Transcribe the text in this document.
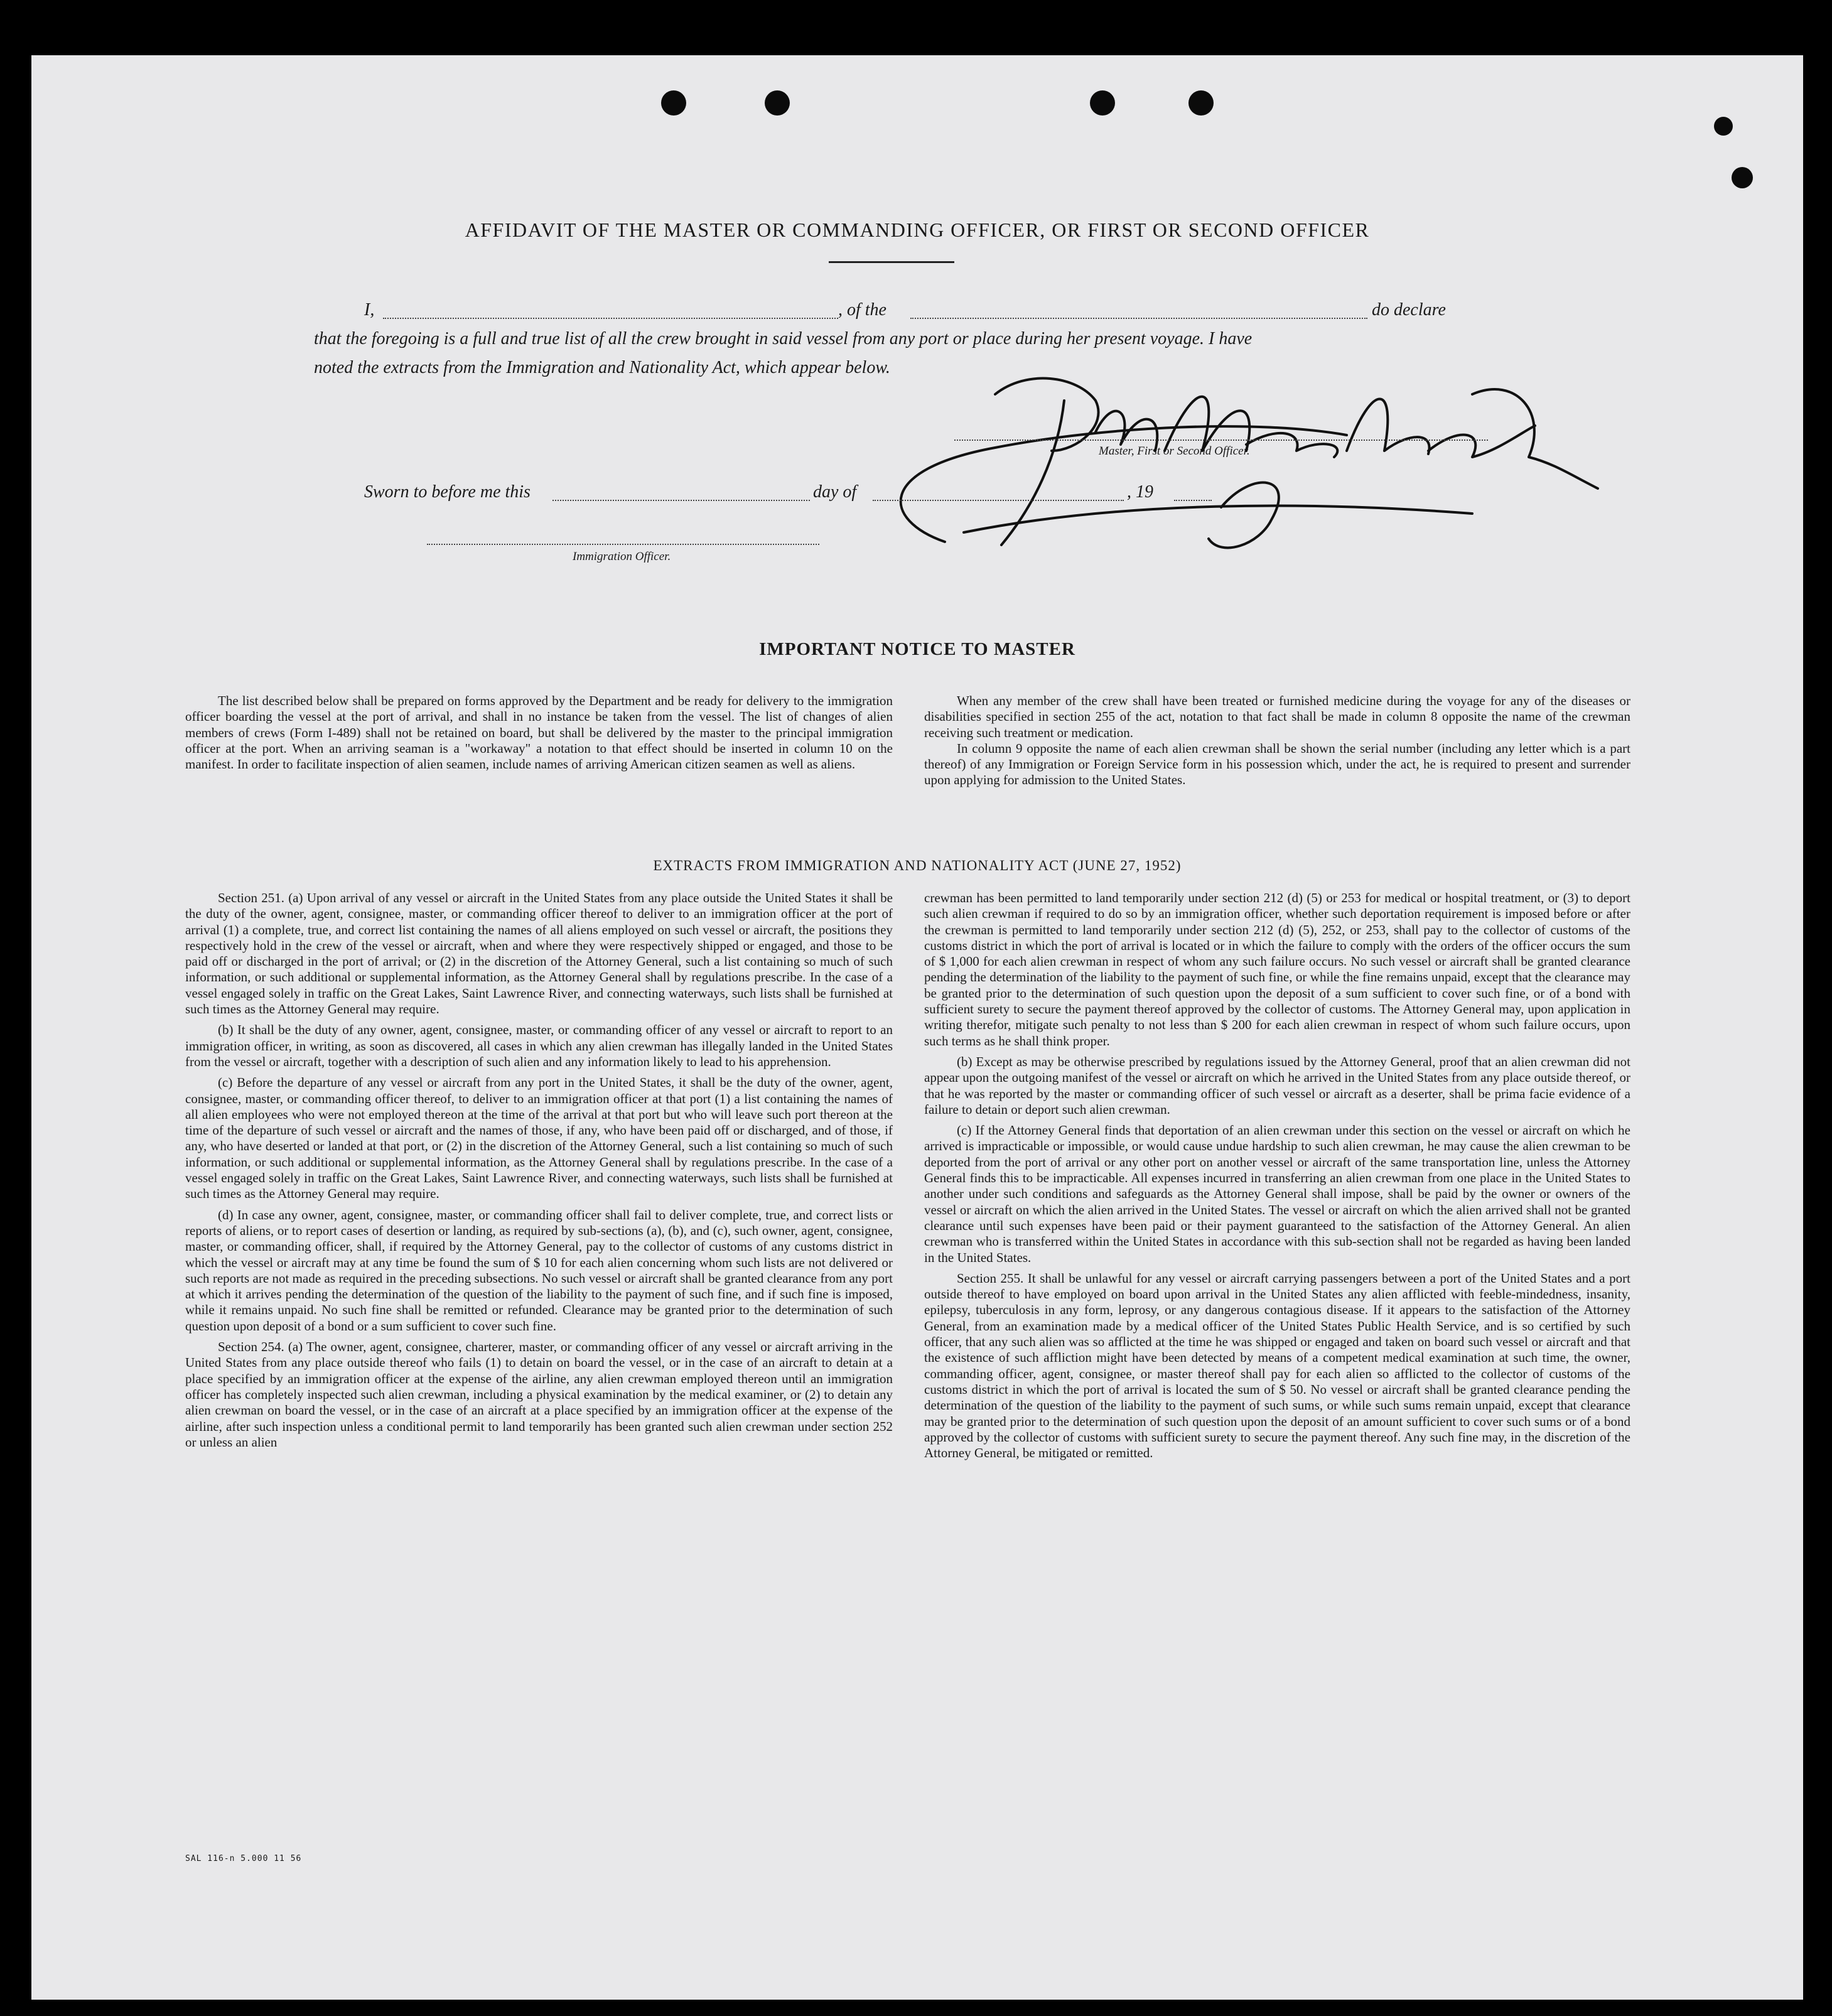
AFFIDAVIT OF THE MASTER OR COMMANDING OFFICER, OR FIRST OR SECOND OFFICER
I,	, of the	do declare
that the foregoing is a full and true list of all the crew brought in said vessel from any port or place during her present voyage. I have
noted the extracts from the Immigration and Nationality Act, which appear below.
Master, First or Second Officer.
Sworn to before me this	day of	, 19
Immigration Officer.
IMPORTANT NOTICE TO MASTER

The list described below shall be prepared on forms approved by the Department and be ready for delivery to the immigration officer boarding the vessel at the port of arrival, and shall in no instance be taken from the vessel. The list of changes of alien members of crews (Form I-489) shall not be retained on board, but shall be delivered by the master to the principal immigration officer at the port. When an arriving seaman is a "workaway" a notation to that effect should be inserted in column 10 on the manifest. In order to facilitate inspection of alien seamen, include names of arriving American citizen seamen as well as aliens.

When any member of the crew shall have been treated or furnished medicine during the voyage for any of the diseases or disabilities specified in section 255 of the act, notation to that fact shall be made in column 8 opposite the name of the crewman receiving such treatment or medication.

In column 9 opposite the name of each alien crewman shall be shown the serial number (including any letter which is a part thereof) of any Immigration or Foreign Service form in his possession which, under the act, he is required to present and surrender upon applying for admission to the United States.

EXTRACTS FROM IMMIGRATION AND NATIONALITY ACT (JUNE 27, 1952)

Section 251. (a) Upon arrival of any vessel or aircraft in the United States from any place outside the United States it shall be the duty of the owner, agent, consignee, master, or commanding officer thereof to deliver to an immigration officer at the port of arrival (1) a complete, true, and correct list containing the names of all aliens employed on such vessel or aircraft, the positions they respectively hold in the crew of the vessel or aircraft, when and where they were respectively shipped or engaged, and those to be paid off or discharged in the port of arrival; or (2) in the discretion of the Attorney General, such a list containing so much of such information, or such additional or supplemental information, as the Attorney General shall by regulations prescribe. In the case of a vessel engaged solely in traffic on the Great Lakes, Saint Lawrence River, and connecting waterways, such lists shall be furnished at such times as the Attorney General may require.

(b) It shall be the duty of any owner, agent, consignee, master, or commanding officer of any vessel or aircraft to report to an immigration officer, in writing, as soon as discovered, all cases in which any alien crewman has illegally landed in the United States from the vessel or aircraft, together with a description of such alien and any information likely to lead to his apprehension.

(c) Before the departure of any vessel or aircraft from any port in the United States, it shall be the duty of the owner, agent, consignee, master, or commanding officer thereof, to deliver to an immigration officer at that port (1) a list containing the names of all alien employees who were not employed thereon at the time of the arrival at that port but who will leave such port thereon at the time of the departure of such vessel or aircraft and the names of those, if any, who have been paid off or discharged, and of those, if any, who have deserted or landed at that port, or (2) in the discretion of the Attorney General, such a list containing so much of such information, or such additional or supplemental information, as the Attorney General shall by regulations prescribe. In the case of a vessel engaged solely in traffic on the Great Lakes, Saint Lawrence River, and connecting waterways, such lists shall be furnished at such times as the Attorney General may require.

(d) In case any owner, agent, consignee, master, or commanding officer shall fail to deliver complete, true, and correct lists or reports of aliens, or to report cases of desertion or landing, as required by sub-sections (a), (b), and (c), such owner, agent, consignee, master, or commanding officer, shall, if required by the Attorney General, pay to the collector of customs of any customs district in which the vessel or aircraft may at any time be found the sum of $ 10 for each alien concerning whom such lists are not delivered or such reports are not made as required in the preceding subsections. No such vessel or aircraft shall be granted clearance from any port at which it arrives pending the determination of the question of the liability to the payment of such fine, and if such fine is imposed, while it remains unpaid. No such fine shall be remitted or refunded. Clearance may be granted prior to the determination of such question upon deposit of a bond or a sum sufficient to cover such fine.

Section 254. (a) The owner, agent, consignee, charterer, master, or commanding officer of any vessel or aircraft arriving in the United States from any place outside thereof who fails (1) to detain on board the vessel, or in the case of an aircraft to detain at a place specified by an immigration officer at the expense of the airline, any alien crewman employed thereon until an immigration officer has completely inspected such alien crewman, including a physical examination by the medical examiner, or (2) to detain any alien crewman on board the vessel, or in the case of an aircraft at a place specified by an immigration officer at the expense of the airline, after such inspection unless a conditional permit to land temporarily has been granted such alien crewman under section 252 or unless an alien

crewman has been permitted to land temporarily under section 212 (d) (5) or 253 for medical or hospital treatment, or (3) to deport such alien crewman if required to do so by an immigration officer, whether such deportation requirement is imposed before or after the crewman is permitted to land temporarily under section 212 (d) (5), 252, or 253, shall pay to the collector of customs of the customs district in which the port of arrival is located or in which the failure to comply with the orders of the officer occurs the sum of $ 1,000 for each alien crewman in respect of whom any such failure occurs. No such vessel or aircraft shall be granted clearance pending the determination of the liability to the payment of such fine, or while the fine remains unpaid, except that the clearance may be granted prior to the determination of such question upon the deposit of a sum sufficient to cover such fine, or of a bond with sufficient surety to secure the payment thereof approved by the collector of customs. The Attorney General may, upon application in writing therefor, mitigate such penalty to not less than $ 200 for each alien crewman in respect of whom such failure occurs, upon such terms as he shall think proper.

(b) Except as may be otherwise prescribed by regulations issued by the Attorney General, proof that an alien crewman did not appear upon the outgoing manifest of the vessel or aircraft on which he arrived in the United States from any place outside thereof, or that he was reported by the master or commanding officer of such vessel or aircraft as a deserter, shall be prima facie evidence of a failure to detain or deport such alien crewman.

(c) If the Attorney General finds that deportation of an alien crewman under this section on the vessel or aircraft on which he arrived is impracticable or impossible, or would cause undue hardship to such alien crewman, he may cause the alien crewman to be deported from the port of arrival or any other port on another vessel or aircraft of the same transportation line, unless the Attorney General finds this to be impracticable. All expenses incurred in transferring an alien crewman from one place in the United States to another under such conditions and safeguards as the Attorney General shall impose, shall be paid by the owner or owners of the vessel or aircraft on which the alien arrived in the United States. The vessel or aircraft on which the alien arrived shall not be granted clearance until such expenses have been paid or their payment guaranteed to the satisfaction of the Attorney General. An alien crewman who is transferred within the United States in accordance with this sub-section shall not be regarded as having been landed in the United States.

Section 255. It shall be unlawful for any vessel or aircraft carrying passengers between a port of the United States and a port outside thereof to have employed on board upon arrival in the United States any alien afflicted with feeble-mindedness, insanity, epilepsy, tuberculosis in any form, leprosy, or any dangerous contagious disease. If it appears to the satisfaction of the Attorney General, from an examination made by a medical officer of the United States Public Health Service, and is so certified by such officer, that any such alien was so afflicted at the time he was shipped or engaged and taken on board such vessel or aircraft and that the existence of such affliction might have been detected by means of a competent medical examination at such time, the owner, commanding officer, agent, consignee, or master thereof shall pay for each alien so afflicted to the collector of customs of the customs district in which the port of arrival is located the sum of $ 50. No vessel or aircraft shall be granted clearance pending the determination of the question of the liability to the payment of such sums, or while such sums remain unpaid, except that clearance may be granted prior to the determination of such question upon the deposit of an amount sufficient to cover such sums or of a bond approved by the collector of customs with sufficient surety to secure the payment thereof. Any such fine may, in the discretion of the Attorney General, be mitigated or remitted.

SAL 116-n 5.000 11 56
